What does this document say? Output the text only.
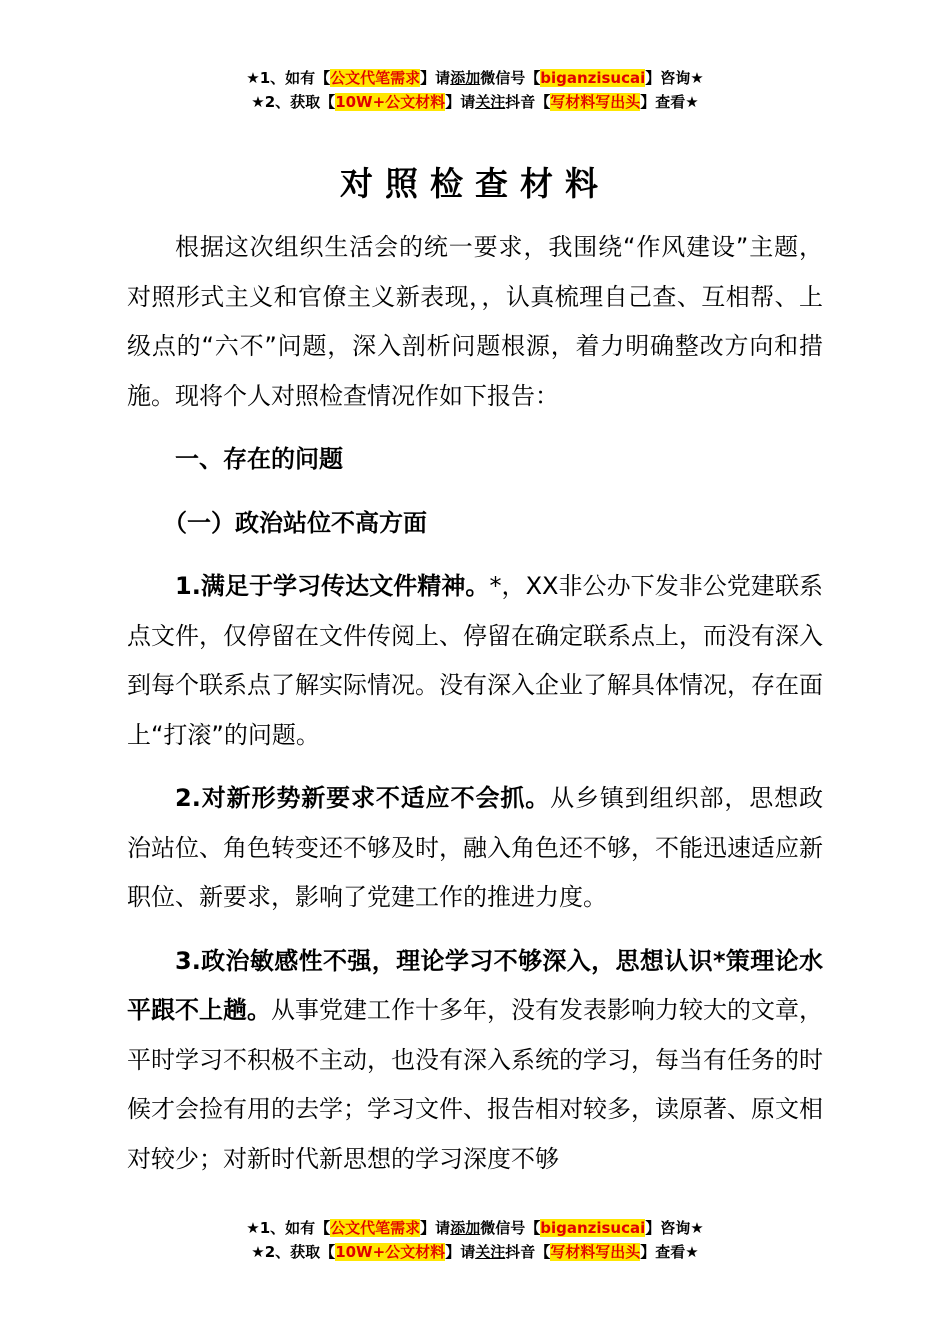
★1、如有【公文代笔需求】请添加微信号【biganzisucai】咨询★
★2、获取【10W+公文材料】请关注抖音【写材料写出头】查看★
对照检查材料

根据这次组织生活会的统一要求，我围绕“作风建设”主题，对照形式主义和官僚主义新表现，，认真梳理自己查、互相帮、上级点的“六不”问题，深入剖析问题根源，着力明确整改方向和措施。现将个人对照检查情况作如下报告：

一、存在的问题

（一）政治站位不高方面

1.满足于学习传达文件精神。*，XX非公办下发非公党建联系点文件，仅停留在文件传阅上、停留在确定联系点上，而没有深入到每个联系点了解实际情况。没有深入企业了解具体情况，存在面上“打滚”的问题。

2.对新形势新要求不适应不会抓。从乡镇到组织部，思想政治站位、角色转变还不够及时，融入角色还不够，不能迅速适应新职位、新要求，影响了党建工作的推进力度。

3.政治敏感性不强，理论学习不够深入，思想认识*策理论水平跟不上趟。从事党建工作十多年，没有发表影响力较大的文章，平时学习不积极不主动，也没有深入系统的学习，每当有任务的时候才会捡有用的去学；学习文件、报告相对较多，读原著、原文相对较少；对新时代新思想的学习深度不够

★1、如有【公文代笔需求】请添加微信号【biganzisucai】咨询★
★2、获取【10W+公文材料】请关注抖音【写材料写出头】查看★
